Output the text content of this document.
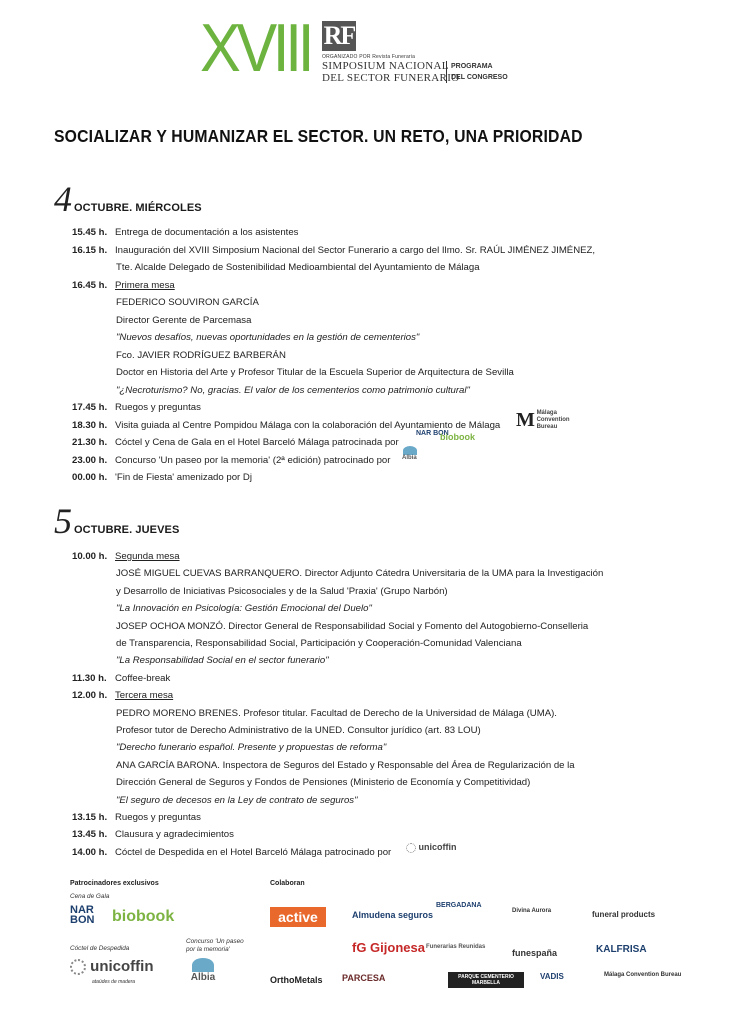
XVIII RF
ORGANIZADO POR Revista Funeraria
SIMPOSIUM NACIONAL
DEL SECTOR FUNERARIO
PROGRAMA
DEL CONGRESO
SOCIALIZAR Y HUMANIZAR EL SECTOR. UN RETO, UNA PRIORIDAD
4 OCTUBRE. MIÉRCOLES
15.45 h. Entrega de documentación a los asistentes
16.15 h. Inauguración del XVIII Simposium Nacional del Sector Funerario a cargo del Ilmo. Sr. RAÚL JIMÉNEZ JIMÉNEZ,
Tte. Alcalde Delegado de Sostenibilidad Medioambiental del Ayuntamiento de Málaga
16.45 h. Primera mesa
FEDERICO SOUVIRON GARCÍA
Director Gerente de Parcemasa
"Nuevos desafíos, nuevas oportunidades en la gestión de cementerios"
Fco. JAVIER RODRÍGUEZ BARBERÁN
Doctor en Historia del Arte y Profesor Titular de la Escuela Superior de Arquitectura de Sevilla
"¿Necroturismo? No, gracias. El valor de los cementerios como patrimonio cultural"
17.45 h. Ruegos y preguntas
18.30 h. Visita guiada al Centre Pompidou Málaga con la colaboración del Ayuntamiento de Málaga
21.30 h. Cóctel y Cena de Gala en el Hotel Barceló Málaga patrocinada por
23.00 h. Concurso 'Un paseo por la memoria' (2ª edición) patrocinado por
00.00 h. 'Fin de Fiesta' amenizado por Dj
5 OCTUBRE. JUEVES
10.00 h. Segunda mesa
JOSÉ MIGUEL CUEVAS BARRANQUERO. Director Adjunto Cátedra Universitaria de la UMA para la Investigación
y Desarrollo de Iniciativas Psicosociales y de la Salud 'Praxia' (Grupo Narbón)
"La Innovación en Psicología: Gestión Emocional del Duelo"
JOSEP OCHOA MONZÓ. Director General de Responsabilidad Social y Fomento del Autogobierno-Conselleria
de Transparencia, Responsabilidad Social, Participación y Cooperación-Comunidad Valenciana
"La Responsabilidad Social en el sector funerario"
11.30 h. Coffee-break
12.00 h. Tercera mesa
PEDRO MORENO BRENES. Profesor titular. Facultad de Derecho de la Universidad de Málaga (UMA).
Profesor tutor de Derecho Administrativo de la UNED. Consultor jurídico (art. 83 LOU)
"Derecho funerario español. Presente y propuestas de reforma"
ANA GARCÍA BARONA. Inspectora de Seguros del Estado y Responsable del Área de Regularización de la
Dirección General de Seguros y Fondos de Pensiones (Ministerio de Economía y Competitividad)
"El seguro de decesos en la Ley de contrato de seguros"
13.15 h. Ruegos y preguntas
13.45 h. Clausura y agradecimientos
14.00 h. Cóctel de Despedida en el Hotel Barceló Málaga patrocinado por
M Málaga Convention Bureau
NAR BON
biobook
Albia
unicoffin
Patrocinadores exclusivos
Cena de Gala
NAR BON	biobook
Cóctel de Despedida
unicoffin
ataúdes de madera
Concurso 'Un paseo
por la memoria'
Albia
Colaboran
active	Almudena seguros
BERGADANA
Divina Aurora	funeral products
OrthoMetals
fG Gijonesa Funerarias Reunidas
funespaña	KALFRISA
PARCESA	PARQUE CEMENTERIO MARBELLA
VADIS	Málaga Convention Bureau
